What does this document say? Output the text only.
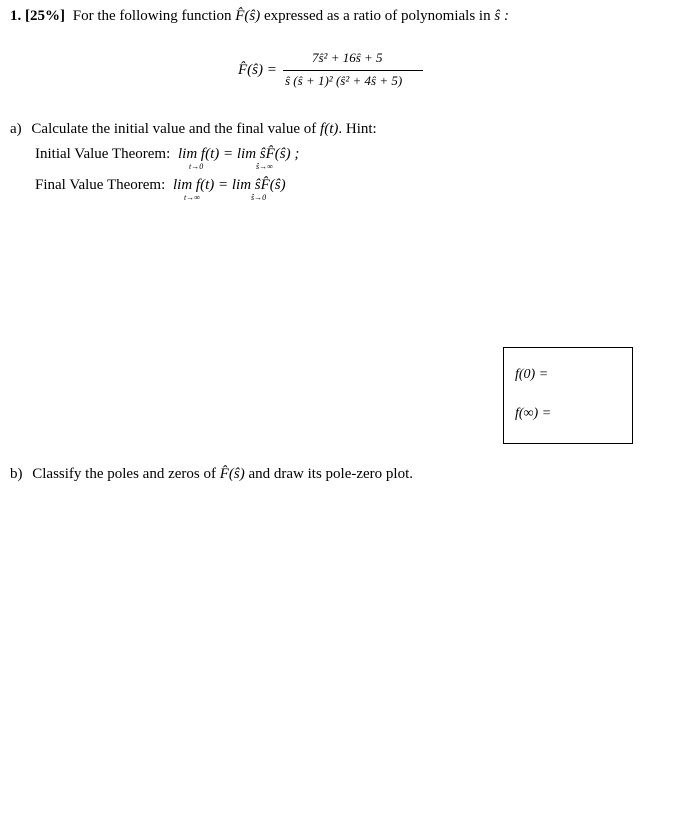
1. [25%] For the following function F̂(ŝ) expressed as a ratio of polynomials in ŝ :
F̂(ŝ) =
7ŝ² + 16ŝ + 5
ŝ (ŝ + 1)² (ŝ² + 4ŝ + 5)
a) Calculate the initial value and the final value of f(t). Hint:
Initial Value Theorem: lim f(t) = lim ŝF̂(ŝ) ;
t→0	ŝ→∞
Final Value Theorem: lim f(t) = lim ŝF̂(ŝ)
t→∞	ŝ→0
f(0) =
f(∞) =
b) Classify the poles and zeros of F̂(ŝ) and draw its pole-zero plot.
